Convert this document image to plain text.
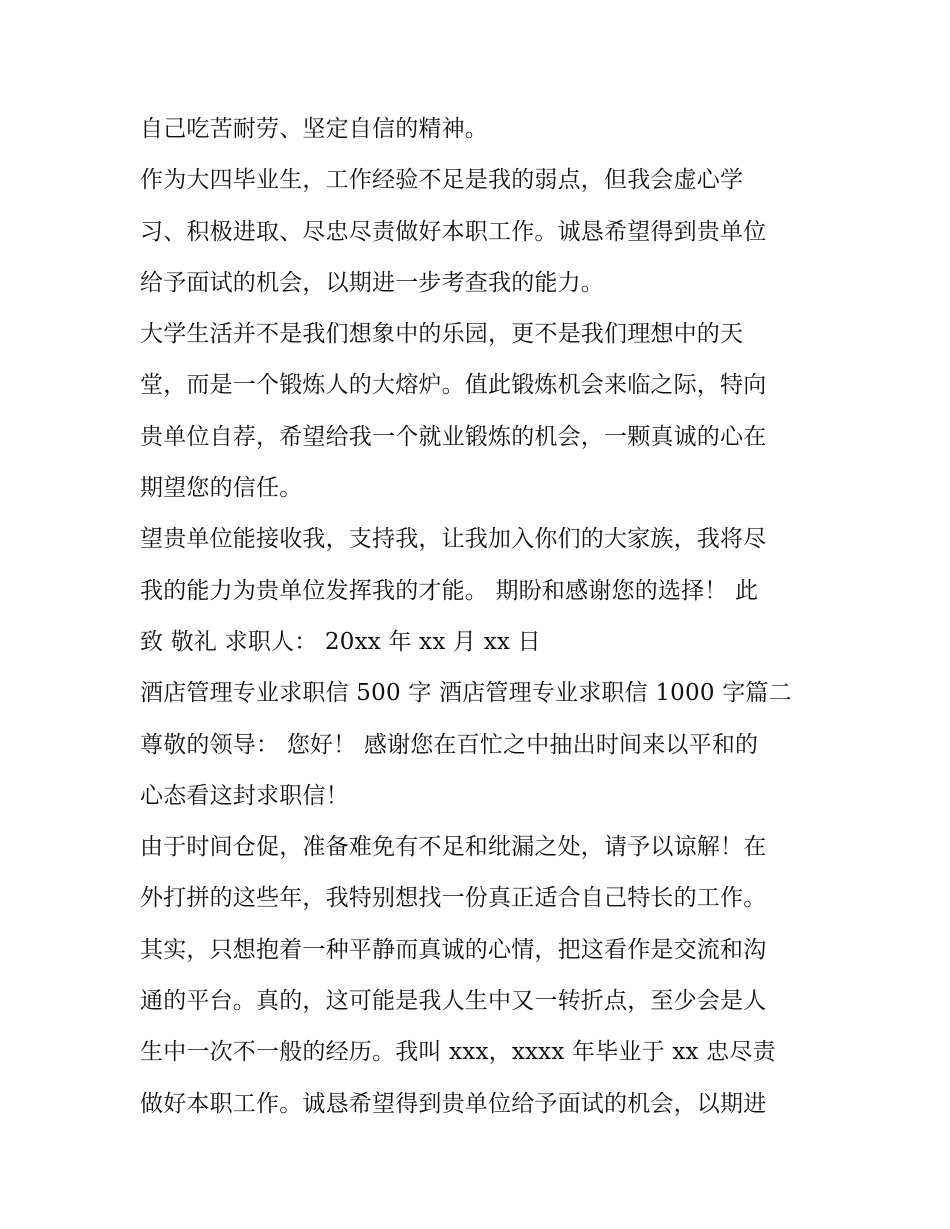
自己吃苦耐劳、坚定自信的精神。
作为大四毕业生，工作经验不足是我的弱点，但我会虚心学
习、积极进取、尽忠尽责做好本职工作。诚恳希望得到贵单位
给予面试的机会，以期进一步考查我的能力。
大学生活并不是我们想象中的乐园，更不是我们理想中的天
堂，而是一个锻炼人的大熔炉。值此锻炼机会来临之际，特向
贵单位自荐，希望给我一个就业锻炼的机会，一颗真诚的心在
期望您的信任。
望贵单位能接收我，支持我，让我加入你们的大家族，我将尽
我的能力为贵单位发挥我的才能。 期盼和感谢您的选择！ 此
致 敬礼 求职人： 20xx 年 xx 月 xx 日
酒店管理专业求职信 500 字 酒店管理专业求职信 1000 字篇二
尊敬的领导： 您好！ 感谢您在百忙之中抽出时间来以平和的
心态看这封求职信！
由于时间仓促，准备难免有不足和纰漏之处，请予以谅解！在
外打拼的这些年，我特别想找一份真正适合自己特长的工作。
其实，只想抱着一种平静而真诚的心情，把这看作是交流和沟
通的平台。真的，这可能是我人生中又一转折点，至少会是人
生中一次不一般的经历。我叫 xxx，xxxx 年毕业于 xx 忠尽责
做好本职工作。诚恳希望得到贵单位给予面试的机会，以期进
